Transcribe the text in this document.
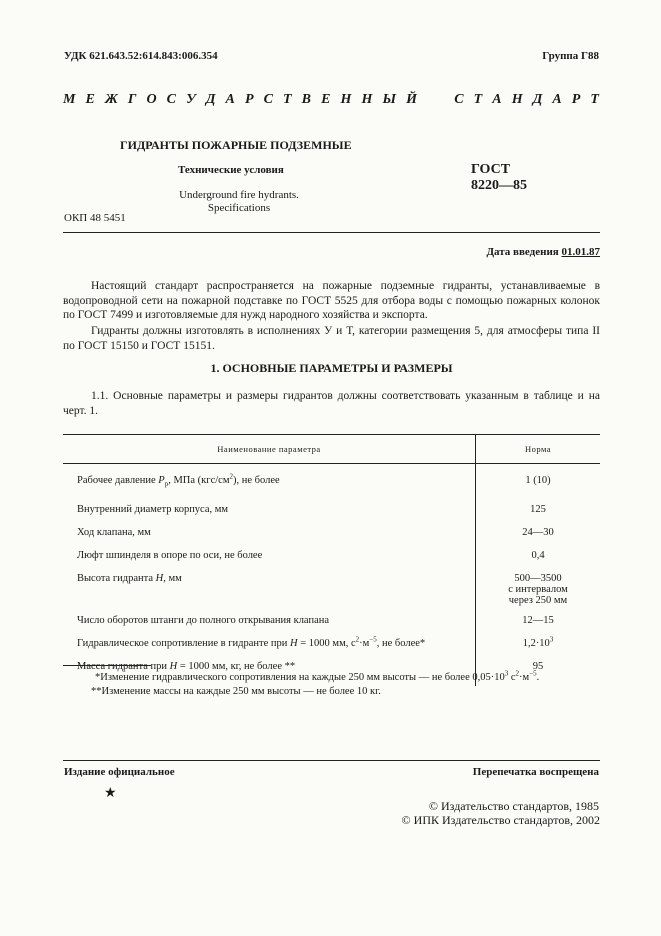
УДК 621.643.52:614.843:006.354	Группа Г88
М Е Ж Г О С У Д А Р С Т В Е Н Н Ы Й

	С Т А Н Д А Р Т
ГИДРАНТЫ ПОЖАРНЫЕ ПОДЗЕМНЫЕ
Технические условия
Underground fire hydrants.
Specifications
ГОСТ
8220—85
ОКП 48 5451
Дата введения 01.01.87
Настоящий стандарт распространяется на пожарные подземные гидранты, устанавливаемые в водопроводной сети на пожарной подставке по ГОСТ 5525 для отбора воды с помощью пожарных колонок по ГОСТ 7499 и изготовляемые для нужд народного хозяйства и экспорта.
Гидранты должны изготовлять в исполнениях У и Т, категории размещения 5, для атмосферы типа II по ГОСТ 15150 и ГОСТ 15151.
1. ОСНОВНЫЕ ПАРАМЕТРЫ И РАЗМЕРЫ
1.1. Основные параметры и размеры гидрантов должны соответствовать указанным в таблице и на черт. 1.
Наименование параметра	Норма
Рабочее давление $P_р$, МПа $(кгс/см^2)$, не более	1 (10)
Внутренний диаметр корпуса, мм	125
Ход клапана, мм	24—30
Люфт шпинделя в опоре по оси, не более	0,4
Высота гидранта H, мм	500—3500
с интервалом
через 250 мм

Число оборотов штанги до полного открывания клапана	12—15
Гидравлическое сопротивление в гидранте при H = 1000 мм, $с^2\cdot м^{-5}$, не более*	$1,2\cdot 10^3$
Масса гидранта при H = 1000 мм, кг, не более **	95
*Изменение гидравлического сопротивления на каждые 250 мм высоты — не более $0,05\cdot 10^3$ $с^2\cdot м^{-5}$.
**Изменение массы на каждые 250 мм высоты — не более 10 кг.
Издание официальное	Перепечатка воспрещена
★
© Издательство стандартов, 1985
© ИПК Издательство стандартов, 2002
